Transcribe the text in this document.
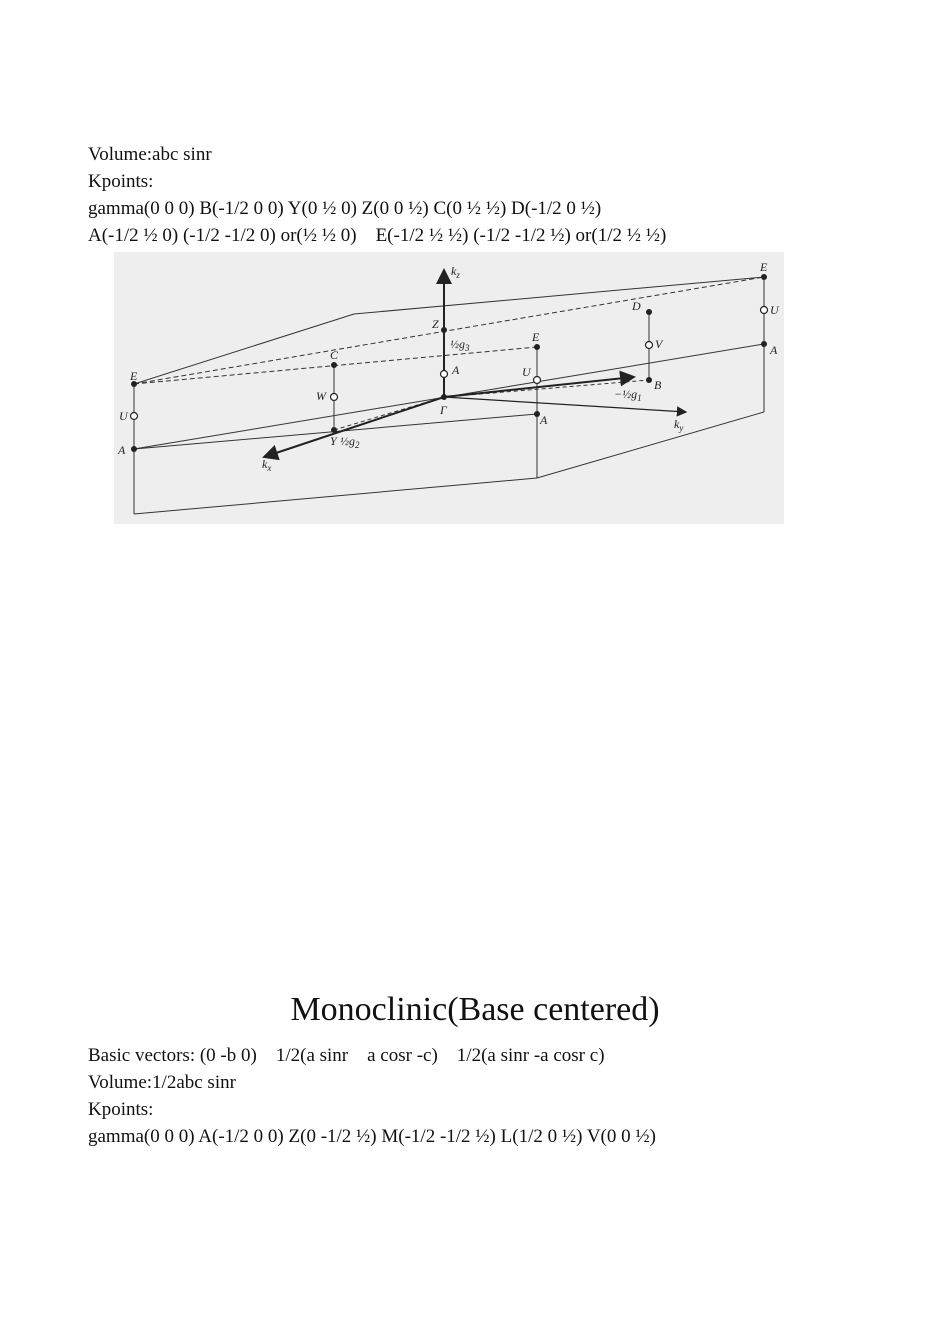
Volume:abc sinr
Kpoints:
gamma(0 0 0) B(-1/2 0 0) Y(0 ½ 0) Z(0 0 ½) C(0 ½ ½) D(-1/2 0 ½)
A(-1/2 ½ 0) (-1/2 -1/2 0) or(½ ½ 0)    E(-1/2 ½ ½) (-1/2 -1/2 ½) or(1/2 ½ ½)
$k_z$
$k_y$
$k_x$
Z
$\frac{1}{2}g_3$
$\frac{1}{2}g_2$
$-\frac{1}{2}g_1$
Γ
E
E
E
U
U
U
A
A
A
A
C
W
Y
D
V
B
Monoclinic(Base centered)
Basic vectors: (0 -b 0)    1/2(a sinr    a cosr -c)    1/2(a sinr -a cosr c)
Volume:1/2abc sinr
Kpoints:
gamma(0 0 0) A(-1/2 0 0) Z(0 -1/2 ½) M(-1/2 -1/2 ½) L(1/2 0 ½) V(0 0 ½)
